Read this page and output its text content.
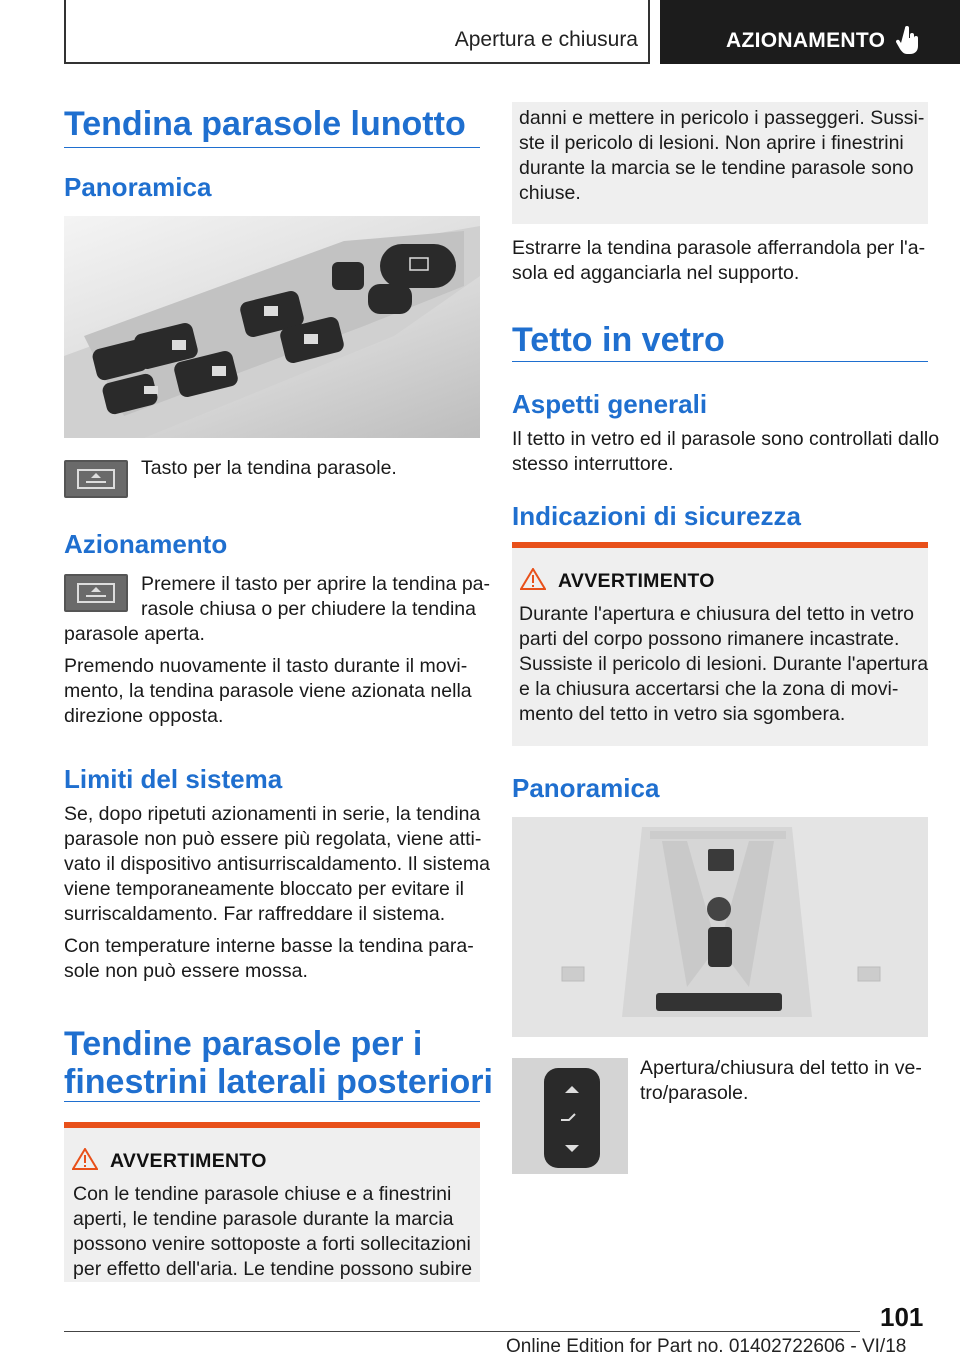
Apertura e chiusura	AZIONAMENTO
Tendina parasole lunotto
Panoramica
Tasto per la tendina parasole.
Azionamento
Premere il tasto per aprire la tendina pa-
rasole chiusa o per chiudere la tendina
parasole aperta.
Premendo nuovamente il tasto durante il movi-
mento, la tendina parasole viene azionata nella
direzione opposta.
Limiti del sistema
Se, dopo ripetuti azionamenti in serie, la tendina
parasole non può essere più regolata, viene atti-
vato il dispositivo antisurriscaldamento. Il sistema
viene temporaneamente bloccato per evitare il
surriscaldamento. Far raffreddare il sistema.
Con temperature interne basse la tendina para-
sole non può essere mossa.
Tendine parasole per i
finestrini laterali posteriori
AVVERTIMENTO
Con le tendine parasole chiuse e a finestrini
aperti, le tendine parasole durante la marcia
possono venire sottoposte a forti sollecitazioni
per effetto dell'aria. Le tendine possono subire
danni e mettere in pericolo i passeggeri. Sussi-
ste il pericolo di lesioni. Non aprire i finestrini
durante la marcia se le tendine parasole sono
chiuse.
Estrarre la tendina parasole afferrandola per l'a-
sola ed agganciarla nel supporto.
Tetto in vetro
Aspetti generali
Il tetto in vetro ed il parasole sono controllati dallo
stesso interruttore.
Indicazioni di sicurezza
AVVERTIMENTO
Durante l'apertura e chiusura del tetto in vetro
parti del corpo possono rimanere incastrate.
Sussiste il pericolo di lesioni. Durante l'apertura
e la chiusura accertarsi che la zona di movi-
mento del tetto in vetro sia sgombera.
Panoramica
Apertura/chiusura del tetto in ve-
tro/parasole.
101
Online Edition for Part no. 01402722606 - VI/18
